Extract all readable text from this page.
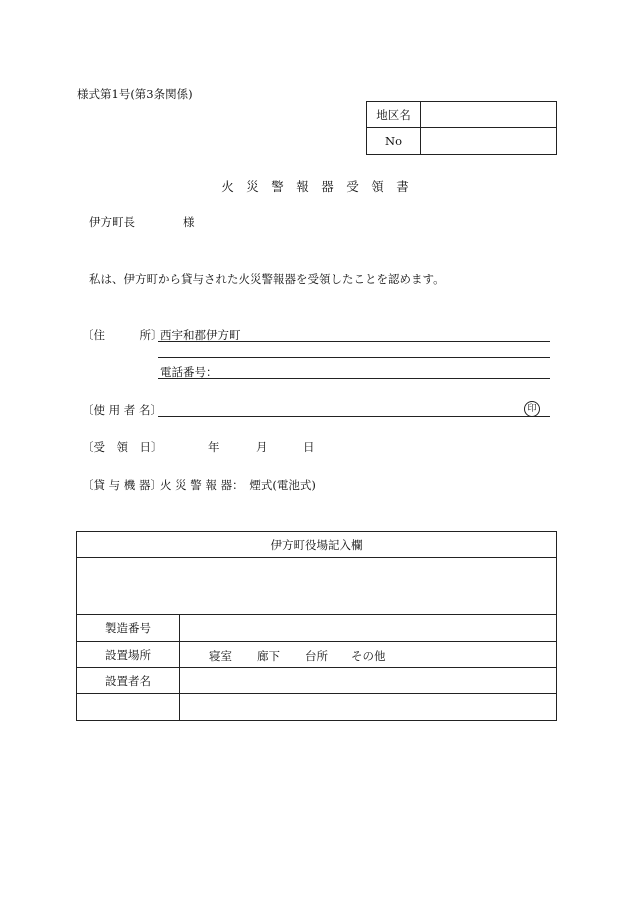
様式第1号(第3条関係)
地区名
No
火　災　警　報　器　受　領　書
伊方町長	様
私は、伊方町から貸与された火災警報器を受領したことを認めます。
〔住　　　所〕
西宇和郡伊方町
電話番号：
〔使 用 者 名〕	印
〔受　領　日〕	年	月	日
〔貸 与 機 器〕
火 災 警 報 器：　煙式(電池式)
伊方町役場記入欄
製造番号
設置場所	寝室 廊下 台所 その他
設置者名
